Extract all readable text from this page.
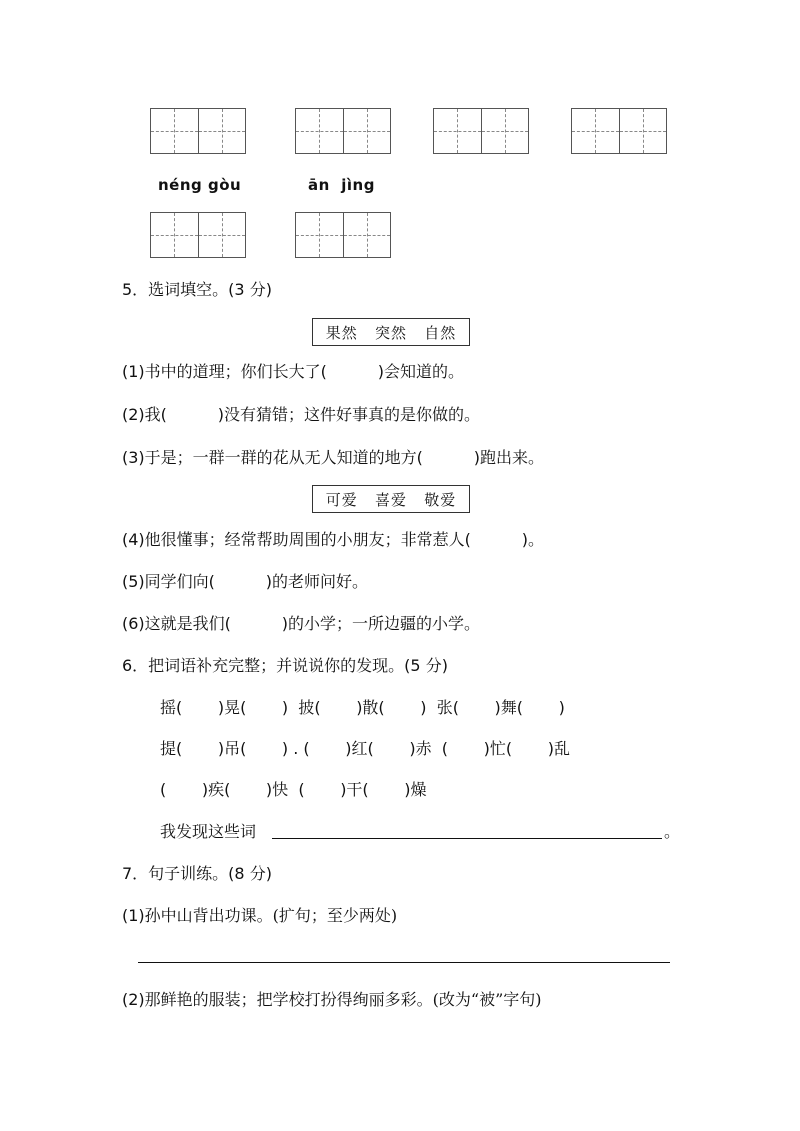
néng gòu	ān  jìng
5．选词填空。(3 分)
果然   突然   自然
(1)书中的道理；你们长大了(          )会知道的。
(2)我(          )没有猜错；这件好事真的是你做的。
(3)于是；一群一群的花从无人知道的地方(          )跑出来。
可爱   喜爱   敬爱
(4)他很懂事；经常帮助周围的小朋友；非常惹人(          )。
(5)同学们向(          )的老师问好。
(6)这就是我们(          )的小学；一所边疆的小学。
6．把词语补充完整；并说说你的发现。(5 分)
摇(       )晃(       )  披(       )散(       )  张(       )舞(       )
提(       )吊(       ) . (       )红(       )赤  (       )忙(       )乱
(       )疾(       )快  (       )干(       )燥
我发现这些词	。
7．句子训练。(8 分)
(1)孙中山背出功课。(扩句；至少两处)
(2)那鲜艳的服装；把学校打扮得绚丽多彩。(改为“被”字句)
